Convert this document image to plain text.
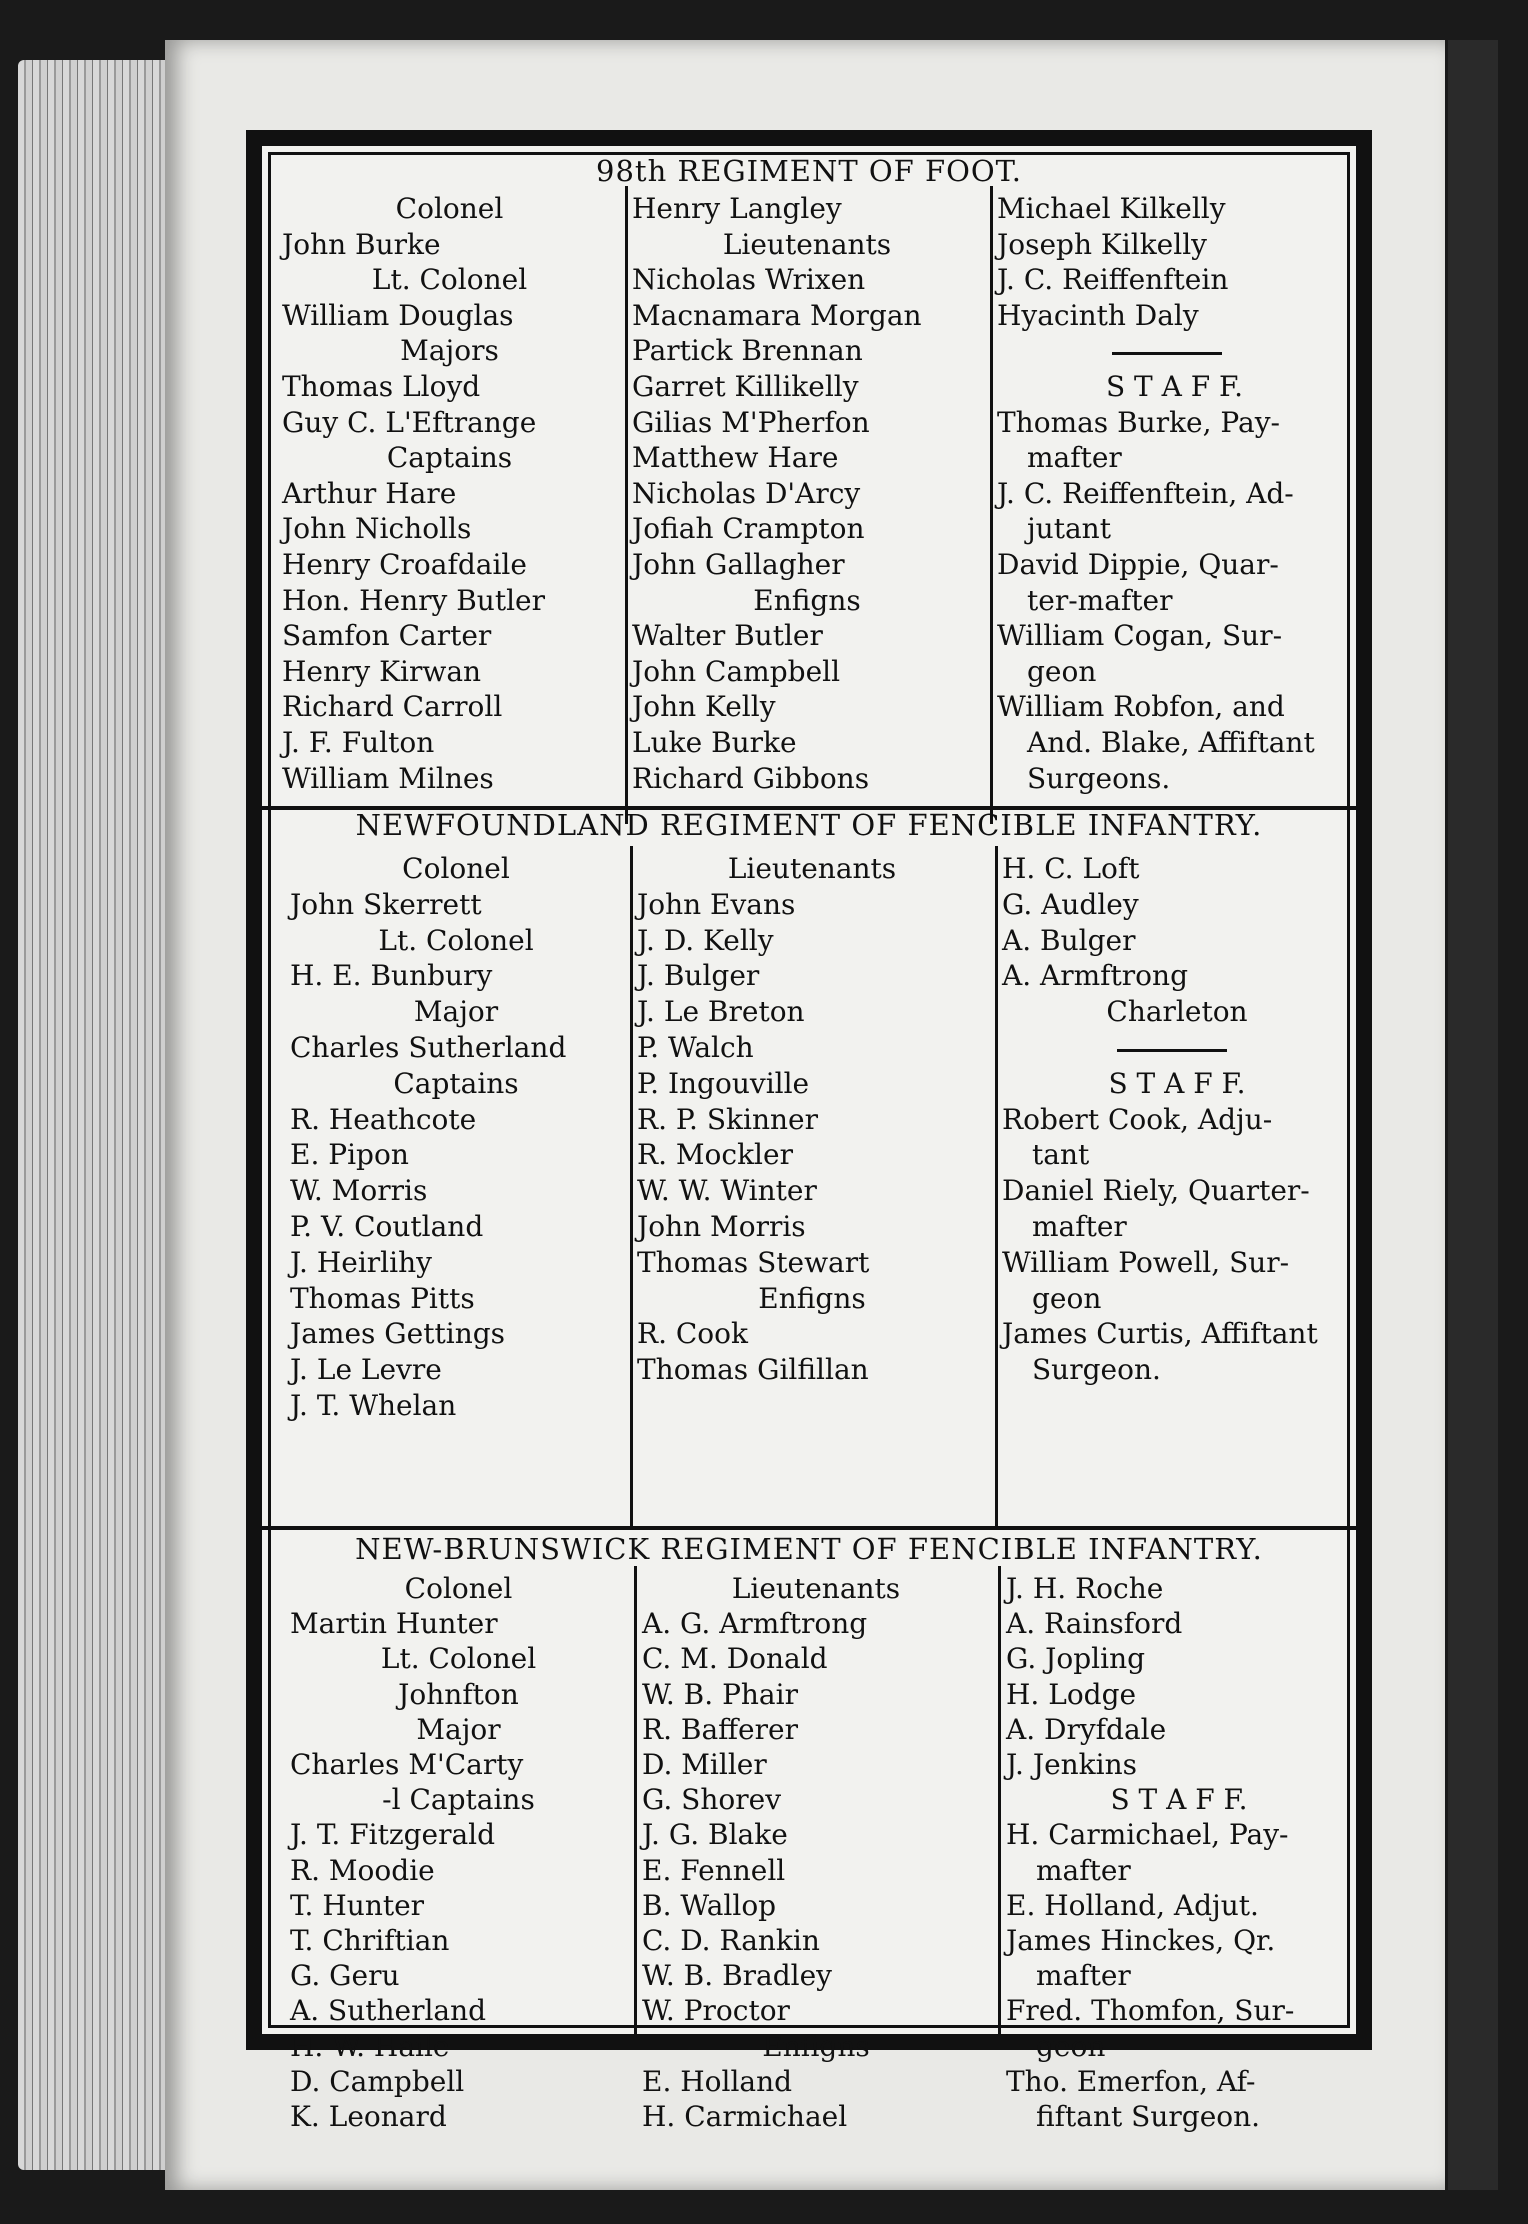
98th REGIMENT OF FOOT.
NEWFOUNDLAND REGIMENT OF FENCIBLE INFANTRY.
NEW-BRUNSWICK REGIMENT OF FENCIBLE INFANTRY.
Colonel
John Burke
Lt. Colonel
William Douglas
Majors
Thomas Lloyd
Guy C. L'Eftrange
Captains
Arthur Hare
John Nicholls
Henry Croafdaile
Hon. Henry Butler
Samfon Carter
Henry Kirwan
Richard Carroll
J. F. Fulton
William Milnes
Henry Langley
Lieutenants
Nicholas Wrixen
Macnamara Morgan
Partick Brennan
Garret Killikelly
Gilias M'Pherfon
Matthew Hare
Nicholas D'Arcy
Jofiah Crampton
John Gallagher
Enfigns
Walter Butler
John Campbell
John Kelly
Luke Burke
Richard Gibbons
Michael Kilkelly
Joseph Kilkelly
J. C. Reiffenftein
Hyacinth Daly
S T A F F.
Thomas Burke, Pay-
mafter
J. C. Reiffenftein, Ad-
jutant
David Dippie, Quar-
ter-mafter
William Cogan, Sur-
geon
William Robfon, and
And. Blake, Affiftant
Surgeons.
Colonel
John Skerrett
Lt. Colonel
H. E. Bunbury
Major
Charles Sutherland
Captains
R. Heathcote
E. Pipon
W. Morris
P. V. Coutland
J. Heirlihy
Thomas Pitts
James Gettings
J. Le Levre
J. T. Whelan
Lieutenants
John Evans
J. D. Kelly
J. Bulger
J. Le Breton
P. Walch
P. Ingouville
R. P. Skinner
R. Mockler
W. W. Winter
John Morris
Thomas Stewart
Enfigns
R. Cook
Thomas Gilfillan
H. C. Loft
G. Audley
A. Bulger
A. Armftrong
Charleton
S T A F F.
Robert Cook, Adju-
tant
Daniel Riely, Quarter-
mafter
William Powell, Sur-
geon
James Curtis, Affiftant
Surgeon.
Colonel
Martin Hunter
Lt. Colonel
Johnfton
Major
Charles M'Carty
-l Captains
J. T. Fitzgerald
R. Moodie
T. Hunter
T. Chriftian
G. Geru
A. Sutherland
H. W. Haile
D. Campbell
K. Leonard
Lieutenants
A. G. Armftrong
C. M. Donald
W. B. Phair
R. Bafferer
D. Miller
G. Shorev
J. G. Blake
E. Fennell
B. Wallop
C. D. Rankin
W. B. Bradley
W. Proctor
Enfigns
E. Holland
H. Carmichael
J. H. Roche
A. Rainsford
G. Jopling
H. Lodge
A. Dryfdale
J. Jenkins
S T A F F.
H. Carmichael, Pay-
mafter
E. Holland, Adjut.
James Hinckes, Qr.
mafter
Fred. Thomfon, Sur-
geon
Tho. Emerfon, Af-
fiftant Surgeon.
